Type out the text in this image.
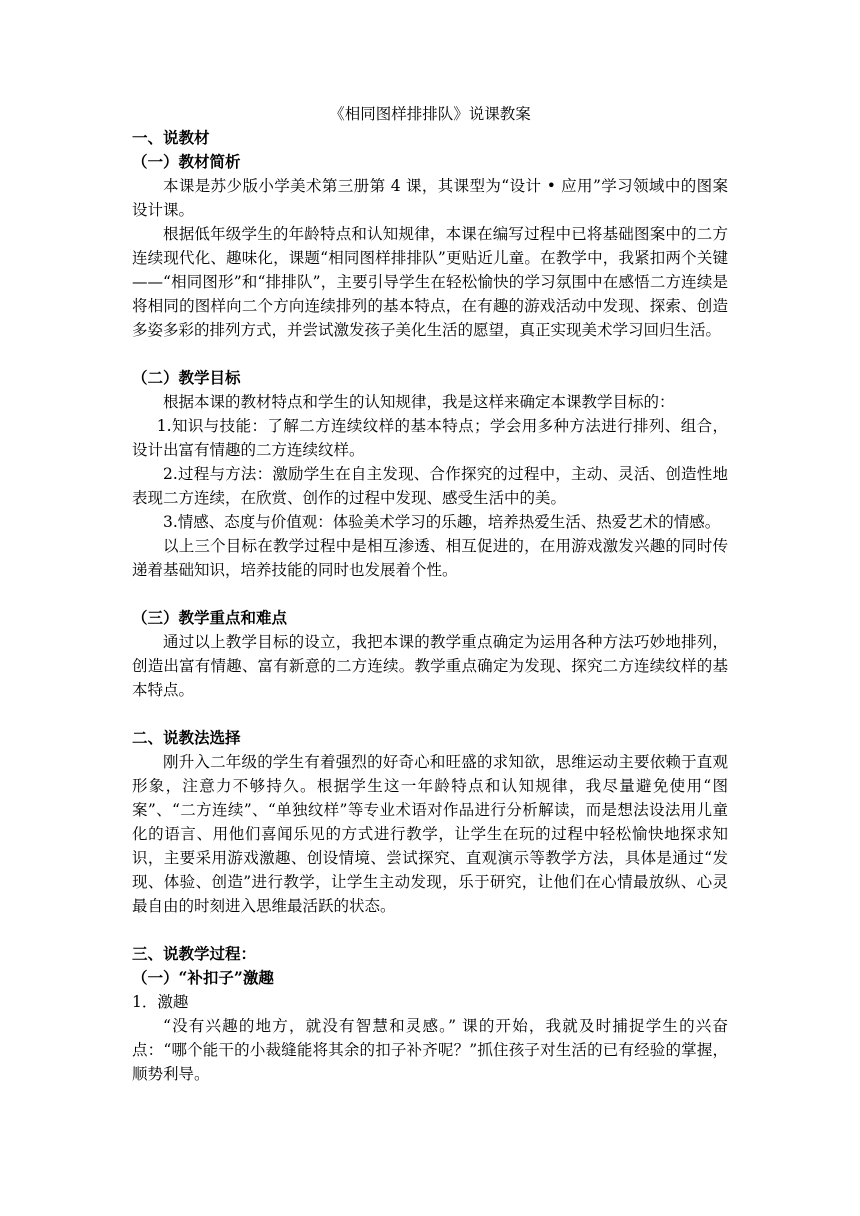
《相同图样排排队》说课教案

一、说教材

（一）教材简析

本课是苏少版小学美术第三册第 4 课，其课型为“设计 • 应用”学习领域中的图案设计课。

根据低年级学生的年龄特点和认知规律，本课在编写过程中已将基础图案中的二方连续现代化、趣味化，课题“相同图样排排队”更贴近儿童。在教学中，我紧扣两个关键——“相同图形”和“排排队”，主要引导学生在轻松愉快的学习氛围中在感悟二方连续是将相同的图样向二个方向连续排列的基本特点，在有趣的游戏活动中发现、探索、创造多姿多彩的排列方式，并尝试激发孩子美化生活的愿望，真正实现美术学习回归生活。

（二）教学目标

根据本课的教材特点和学生的认知规律，我是这样来确定本课教学目标的：

1.知识与技能：了解二方连续纹样的基本特点；学会用多种方法进行排列、组合，设计出富有情趣的二方连续纹样。

2.过程与方法：激励学生在自主发现、合作探究的过程中，主动、灵活、创造性地表现二方连续，在欣赏、创作的过程中发现、感受生活中的美。

3.情感、态度与价值观：体验美术学习的乐趣，培养热爱生活、热爱艺术的情感。

以上三个目标在教学过程中是相互渗透、相互促进的，在用游戏激发兴趣的同时传递着基础知识，培养技能的同时也发展着个性。

（三）教学重点和难点

通过以上教学目标的设立，我把本课的教学重点确定为运用各种方法巧妙地排列，创造出富有情趣、富有新意的二方连续。教学重点确定为发现、探究二方连续纹样的基本特点。

二、说教法选择

刚升入二年级的学生有着强烈的好奇心和旺盛的求知欲，思维运动主要依赖于直观形象，注意力不够持久。根据学生这一年龄特点和认知规律，我尽量避免使用“图案”、“二方连续”、“单独纹样”等专业术语对作品进行分析解读，而是想法设法用儿童化的语言、用他们喜闻乐见的方式进行教学，让学生在玩的过程中轻松愉快地探求知识，主要采用游戏激趣、创设情境、尝试探究、直观演示等教学方法，具体是通过“发现、体验、创造”进行教学，让学生主动发现，乐于研究，让他们在心情最放纵、心灵最自由的时刻进入思维最活跃的状态。

三、说教学过程：

（一）“补扣子”激趣

1．激趣

“没有兴趣的地方，就没有智慧和灵感。” 课的开始，我就及时捕捉学生的兴奋点：“哪个能干的小裁缝能将其余的扣子补齐呢？”抓住孩子对生活的已有经验的掌握，顺势利导。
